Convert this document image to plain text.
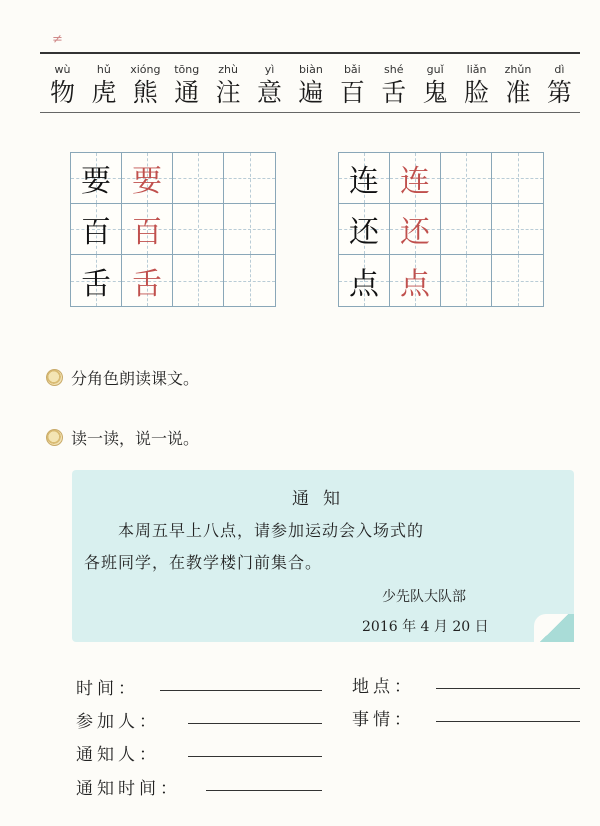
≠
wù
物
hǔ
虎
xióng
熊
tōng
通
zhù
注
yì
意
biàn
遍
bǎi
百
shé
舌
guǐ
鬼
liǎn
脸
zhǔn
准
dì
第
要 要
百 百
舌 舌
连 连
还 还
点 点
分角色朗读课文。
读一读，说一说。
通知
本周五早上八点，请参加运动会入场式的
各班同学，在教学楼门前集合。
少先队大队部
2016 年 4 月 20 日
时间：	地点：
参加人：	事情：
通知人：
通知时间：
